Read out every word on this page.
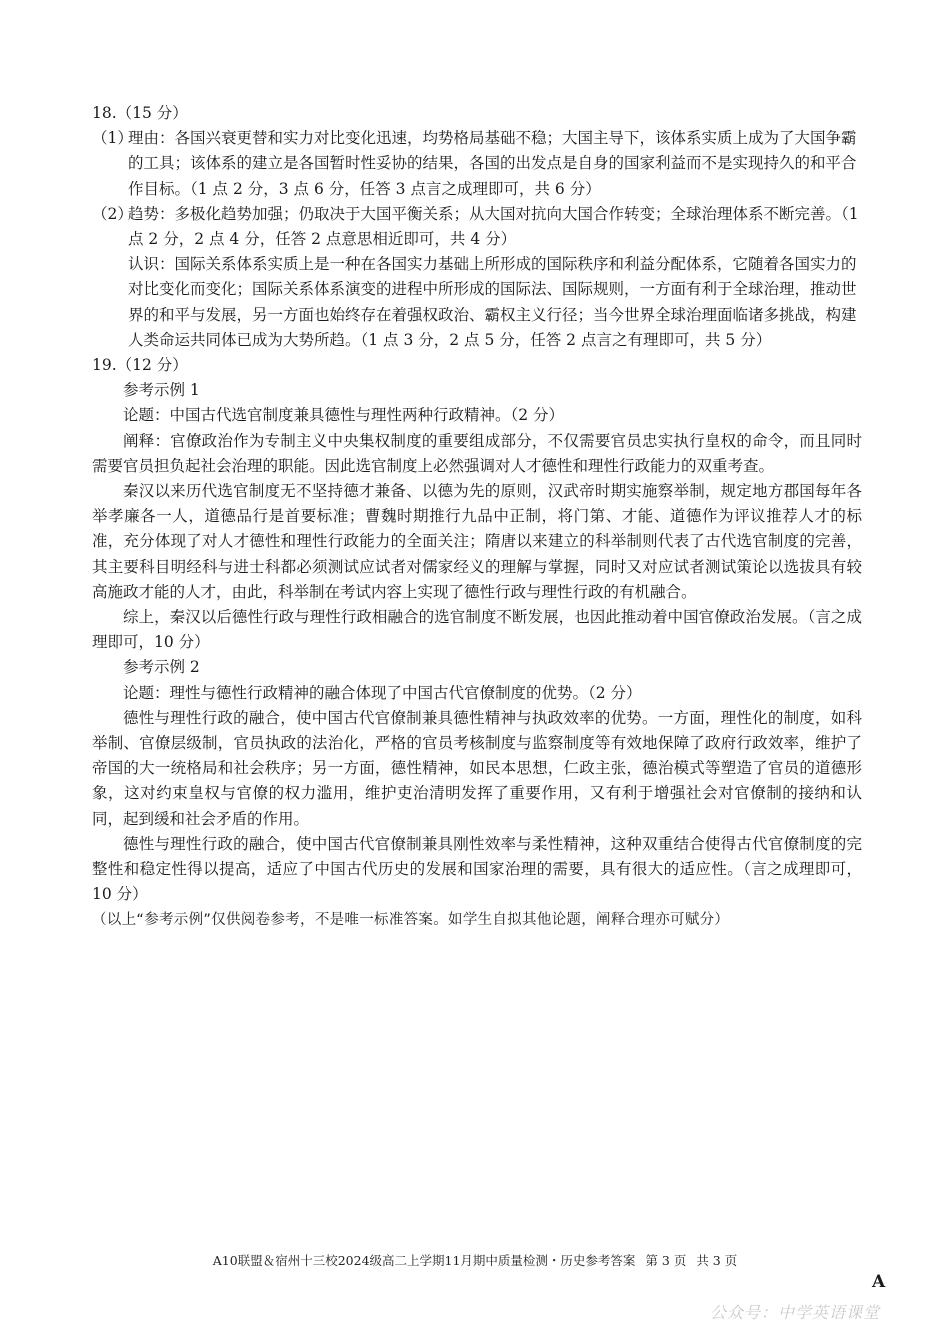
18.（15 分）

（1）

理由：各国兴衰更替和实力对比变化迅速，均势格局基础不稳；大国主导下，该体系实质上成为了大国争霸的工具；该体系的建立是各国暂时性妥协的结果，各国的出发点是自身的国家利益而不是实现持久的和平合作目标。（1 点 2 分，3 点 6 分，任答 3 点言之成理即可，共 6 分）

（2）

趋势：多极化趋势加强；仍取决于大国平衡关系；从大国对抗向大国合作转变；全球治理体系不断完善。（1 点 2 分，2 点 4 分，任答 2 点意思相近即可，共 4 分）

认识：国际关系体系实质上是一种在各国实力基础上所形成的国际秩序和利益分配体系，它随着各国实力的对比变化而变化；国际关系体系演变的进程中所形成的国际法、国际规则，一方面有利于全球治理，推动世界的和平与发展，另一方面也始终存在着强权政治、霸权主义行径；当今世界全球治理面临诸多挑战，构建人类命运共同体已成为大势所趋。（1 点 3 分，2 点 5 分，任答 2 点言之有理即可，共 5 分）

19.（12 分）

参考示例 1

论题：中国古代选官制度兼具德性与理性两种行政精神。（2 分）

阐释：官僚政治作为专制主义中央集权制度的重要组成部分，不仅需要官员忠实执行皇权的命令，而且同时需要官员担负起社会治理的职能。因此选官制度上必然强调对人才德性和理性行政能力的双重考查。

秦汉以来历代选官制度无不坚持德才兼备、以德为先的原则，汉武帝时期实施察举制，规定地方郡国每年各举孝廉各一人，道德品行是首要标准；曹魏时期推行九品中正制，将门第、才能、道德作为评议推荐人才的标准，充分体现了对人才德性和理性行政能力的全面关注；隋唐以来建立的科举制则代表了古代选官制度的完善，其主要科目明经科与进士科都必须测试应试者对儒家经义的理解与掌握，同时又对应试者测试策论以选拔具有较高施政才能的人才，由此，科举制在考试内容上实现了德性行政与理性行政的有机融合。

综上，秦汉以后德性行政与理性行政相融合的选官制度不断发展，也因此推动着中国官僚政治发展。（言之成理即可，10 分）

参考示例 2

论题：理性与德性行政精神的融合体现了中国古代官僚制度的优势。（2 分）

德性与理性行政的融合，使中国古代官僚制兼具德性精神与执政效率的优势。一方面，理性化的制度，如科举制、官僚层级制，官员执政的法治化，严格的官员考核制度与监察制度等有效地保障了政府行政效率，维护了帝国的大一统格局和社会秩序；另一方面，德性精神，如民本思想，仁政主张，德治模式等塑造了官员的道德形象，这对约束皇权与官僚的权力滥用，维护吏治清明发挥了重要作用，又有利于增强社会对官僚制的接纳和认同，起到缓和社会矛盾的作用。

德性与理性行政的融合，使中国古代官僚制兼具刚性效率与柔性精神，这种双重结合使得古代官僚制度的完整性和稳定性得以提高，适应了中国古代历史的发展和国家治理的需要，具有很大的适应性。（言之成理即可，10 分）

（以上“参考示例”仅供阅卷参考，不是唯一标准答案。如学生自拟其他论题，阐释合理亦可赋分）

A10联盟＆宿州十三校2024级高二上学期11月期中质量检测・历史参考答案 第 3 页 共 3 页
A
公众号：中学英语课堂
